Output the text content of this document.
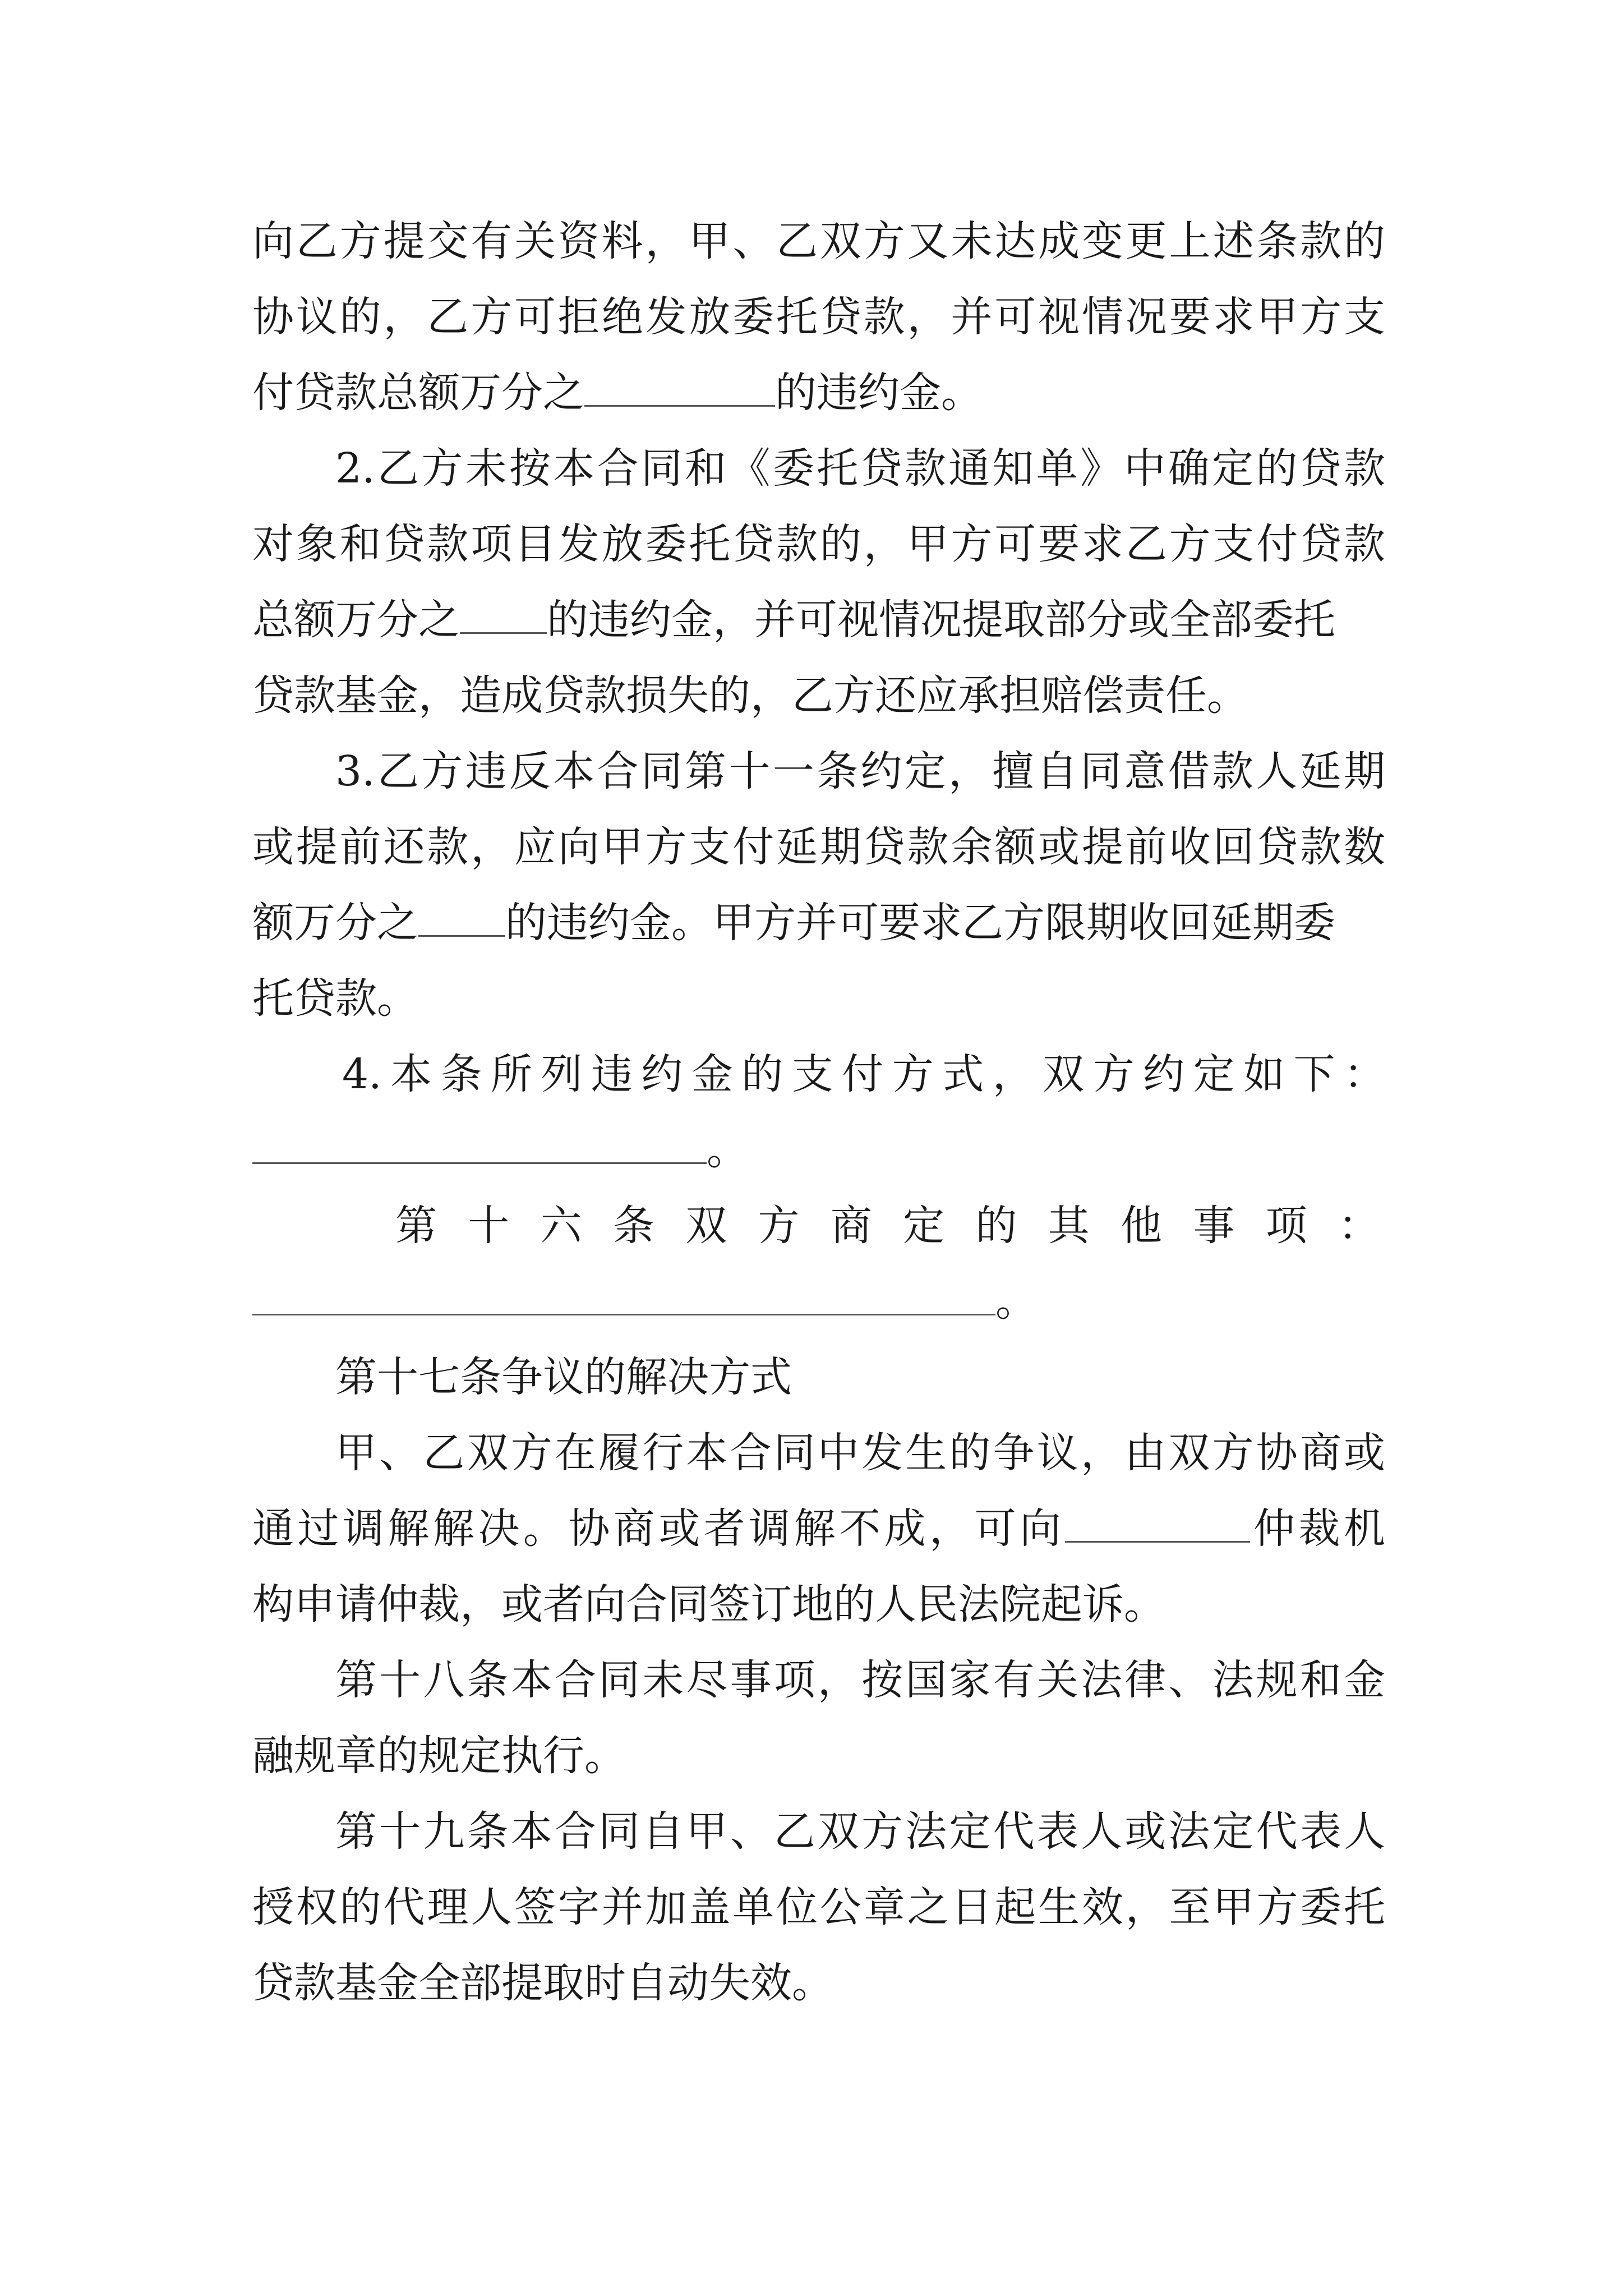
向乙方提交有关资料，甲、乙双方又未达成变更上述条款的
协议的，乙方可拒绝发放委托贷款，并可视情况要求甲方支
付贷款总额万分之	的违约金。
2.乙方未按本合同和《委托贷款通知单》中确定的贷款
对象和贷款项目发放委托贷款的，甲方可要求乙方支付贷款
总额万分之 的违约金，并可视情况提取部分或全部委托
贷款基金，造成贷款损失的，乙方还应承担赔偿责任。
3.乙方违反本合同第十一条约定，擅自同意借款人延期
或提前还款，应向甲方支付延期贷款余额或提前收回贷款数
额万分之 的违约金。甲方并可要求乙方限期收回延期委
托贷款。
4.本条所列违约金的支付方式，双方约定如下：
。
第十六条双方商定的其他事项：
。
第十七条争议的解决方式
甲、乙双方在履行本合同中发生的争议，由双方协商或
通过调解解决。协商或者调解不成，可向	仲裁机
构申请仲裁，或者向合同签订地的人民法院起诉。
第十八条本合同未尽事项，按国家有关法律、法规和金
融规章的规定执行。
第十九条本合同自甲、乙双方法定代表人或法定代表人
授权的代理人签字并加盖单位公章之日起生效，至甲方委托
贷款基金全部提取时自动失效。
